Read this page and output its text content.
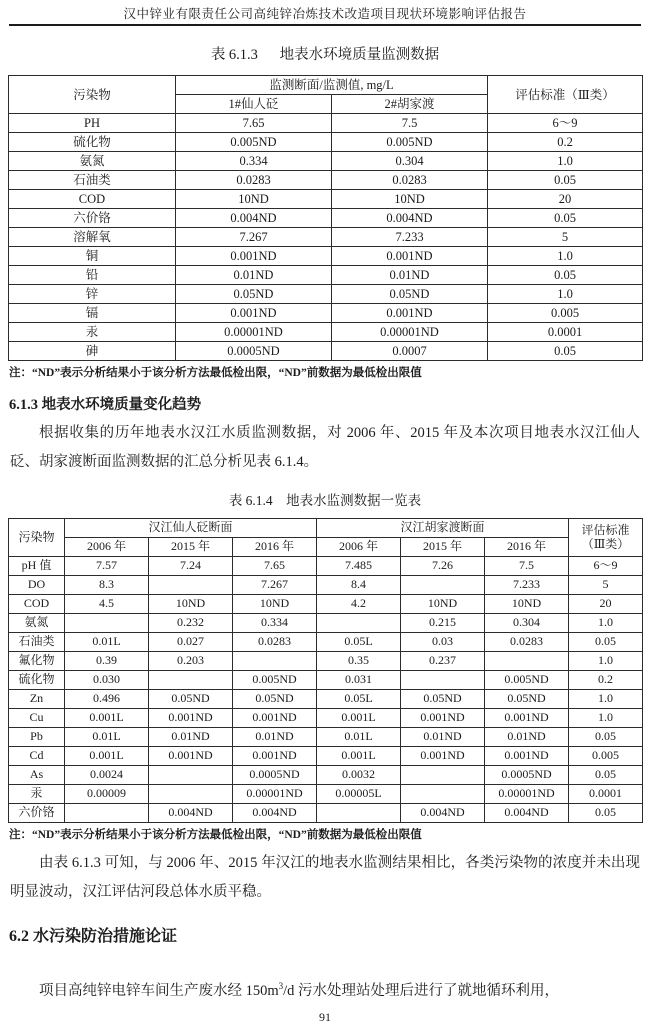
汉中锌业有限责任公司高纯锌冶炼技术改造项目现状环境影响评估报告
表 6.1.3      地表水环境质量监测数据
污染物	监测断面/监测值, mg/L		评估标准（Ⅲ类）
	1#仙人砭	2#胡家渡	
PH	7.65	7.5	6～9
硫化物	0.005ND	0.005ND	0.2
氨氮	0.334	0.304	1.0
石油类	0.0283	0.0283	0.05
COD	10ND	10ND	20
六价铬	0.004ND	0.004ND	0.05
溶解氧	7.267	7.233	5
铜	0.001ND	0.001ND	1.0
铅	0.01ND	0.01ND	0.05
锌	0.05ND	0.05ND	1.0
镉	0.001ND	0.001ND	0.005
汞	0.00001ND	0.00001ND	0.0001
砷	0.0005ND	0.0007	0.05
注：“ND”表示分析结果小于该分析方法最低检出限，“ND”前数据为最低检出限值
6.1.3 地表水环境质量变化趋势
根据收集的历年地表水汉江水质监测数据，对 2006 年、2015 年及本次项目地表水汉江仙人砭、胡家渡断面监测数据的汇总分析见表 6.1.4。
表 6.1.4　地表水监测数据一览表
污染物	汉江仙人砭断面			汉江胡家渡断面			评估标准
（Ⅲ类）

	2006 年	2015 年	2016 年	2006 年	2015 年	2016 年	
pH 值	7.57	7.24	7.65	7.485	7.26	7.5	6～9
DO	8.3		7.267	8.4		7.233	5
COD	4.5	10ND	10ND	4.2	10ND	10ND	20
氨氮		0.232	0.334		0.215	0.304	1.0
石油类	0.01L	0.027	0.0283	0.05L	0.03	0.0283	0.05
氟化物	0.39	0.203		0.35	0.237		1.0
硫化物	0.030		0.005ND	0.031		0.005ND	0.2
Zn	0.496	0.05ND	0.05ND	0.05L	0.05ND	0.05ND	1.0
Cu	0.001L	0.001ND	0.001ND	0.001L	0.001ND	0.001ND	1.0
Pb	0.01L	0.01ND	0.01ND	0.01L	0.01ND	0.01ND	0.05
Cd	0.001L	0.001ND	0.001ND	0.001L	0.001ND	0.001ND	0.005
As	0.0024		0.0005ND	0.0032		0.0005ND	0.05
汞	0.00009		0.00001ND	0.00005L		0.00001ND	0.0001
六价铬		0.004ND	0.004ND		0.004ND	0.004ND	0.05
注：“ND”表示分析结果小于该分析方法最低检出限，“ND”前数据为最低检出限值
由表 6.1.3 可知，与 2006 年、2015 年汉江的地表水监测结果相比，各类污染物的浓度并未出现明显波动，汉江评估河段总体水质平稳。
6.2 水污染防治措施论证
项目高纯锌电锌车间生产废水经 $150m^3/d$ 污水处理站处理后进行了就地循环利用，
91
